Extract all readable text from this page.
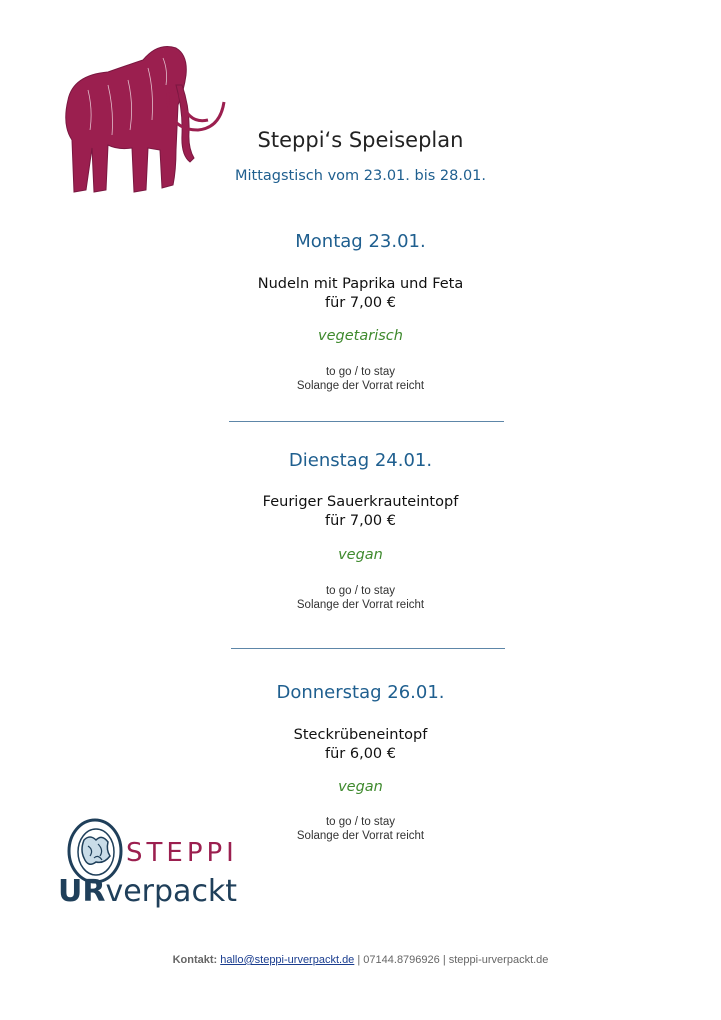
Steppi‘s Speiseplan
Mittagstisch vom 23.01. bis 28.01.
Montag 23.01.
Nudeln mit Paprika und Feta
für 7,00 €
vegetarisch
to go / to stay
Solange der Vorrat reicht
Dienstag 24.01.
Feuriger Sauerkrauteintopf
für 7,00 €
vegan
to go / to stay
Solange der Vorrat reicht
Donnerstag 26.01.
Steckrübeneintopf
für 6,00 €
vegan
to go / to stay
Solange der Vorrat reicht
STEPPI
URverpackt
Kontakt: hallo@steppi-urverpackt.de | 07144.8796926 | steppi-urverpackt.de
